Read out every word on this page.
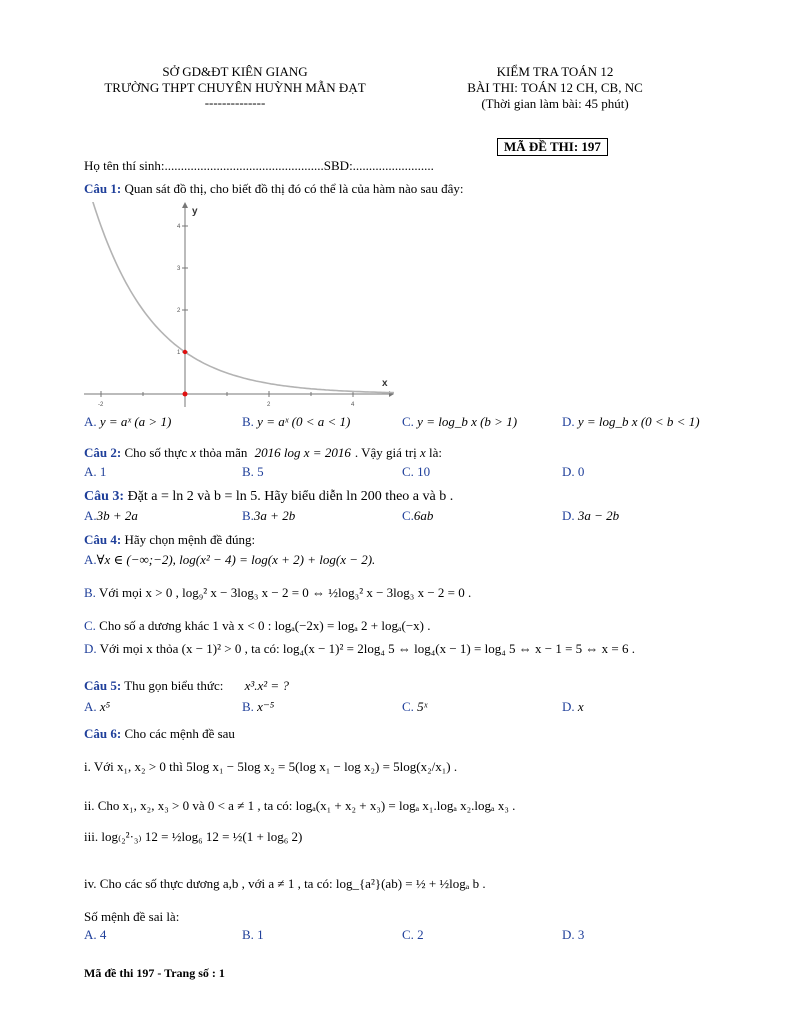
SỞ GD&ĐT KIÊN GIANG
TRƯỜNG THPT CHUYÊN HUỲNH MẪN ĐẠT
--------------
KIỂM TRA TOÁN 12
BÀI THI: TOÁN 12 CH, CB, NC
(Thời gian làm bài: 45 phút)
MÃ ĐỀ THI: 197
Họ tên thí sinh:.................................................SBD:.........................
Câu 1: Quan sát đồ thị, cho biết đồ thị đó có thể là của hàm nào sau đây:
-2	2	4
1
2
3
4
y
x
A. y = aˣ (a > 1)	B. y = aˣ (0 < a < 1)	C. y = log_b x (b > 1)	D. y = log_b x (0 < b < 1)
Câu 2: Cho số thực x thỏa mãn 2016 log x = 2016 . Vậy giá trị x là:
A. 1	B. 5	C. 10	D. 0
Câu 3: Đặt a = ln 2 và b = ln 5. Hãy biểu diễn ln 200 theo a và b .
A.3b + 2a	B.3a + 2b	C.6ab	D. 3a − 2b
Câu 4: Hãy chọn mệnh đề đúng:
A.∀x ∈ (−∞;−2), log(x² − 4) = log(x + 2) + log(x − 2).
B. Với mọi x > 0 , log₉² x − 3log₃ x − 2 = 0 ⇔ ½log₃² x − 3log₃ x − 2 = 0 .
C. Cho số a dương khác 1 và x < 0 : logₐ(−2x) = logₐ 2 + logₐ(−x) .
D. Với mọi x thỏa (x − 1)² > 0 , ta có: log₄(x − 1)² = 2log₄ 5 ⇔ log₄(x − 1) = log₄ 5 ⇔ x − 1 = 5 ⇔ x = 6 .
Câu 5: Thu gọn biểu thức: x³.x² = ?
A. x⁵	B. x⁻⁵	C. 5ˣ	D. x
Câu 6: Cho các mệnh đề sau
i. Với x₁, x₂ > 0 thì 5log x₁ − 5log x₂ = 5(log x₁ − log x₂) = 5log(x₂/x₁) .
ii. Cho x₁, x₂, x₃ > 0 và 0 < a ≠ 1 , ta có: logₐ(x₁ + x₂ + x₃) = logₐ x₁.logₐ x₂.logₐ x₃ .
iii. log₍₂²·₃₎ 12 = ½log₆ 12 = ½(1 + log₆ 2)
iv. Cho các số thực dương a,b , với a ≠ 1 , ta có: log_{a²}(ab) = ½ + ½logₐ b .
Số mệnh đề sai là:
A. 4	B. 1	C. 2	D. 3
Mã đề thi 197 - Trang số : 1
